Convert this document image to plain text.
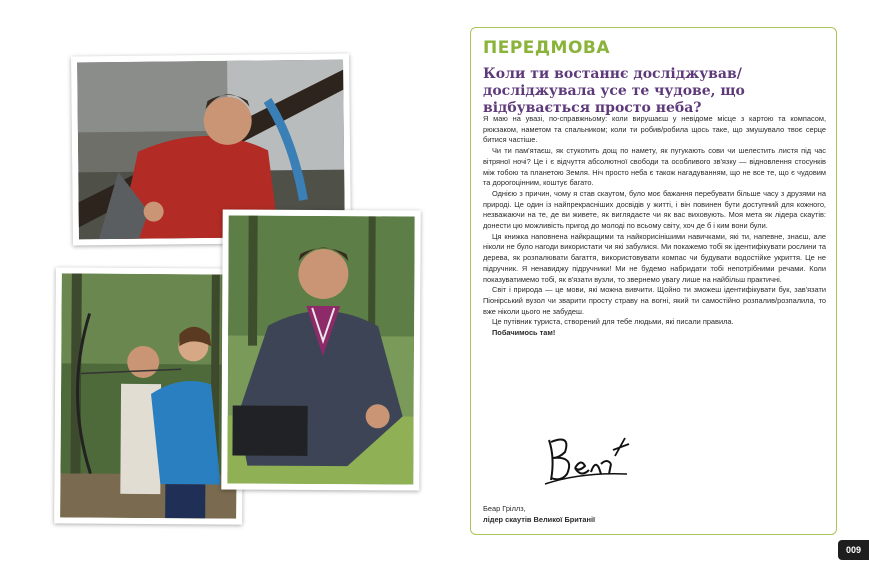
ПЕРЕДМОВА
Коли ти востаннє досліджував/досліджувала усе те чудове, що відбувається просто неба?

Я маю на увазі, по-справжньому: коли вирушаєш у невідоме місце з картою та компасом, рюкзаком, наметом та спальником; коли ти робив/робила щось таке, що змушувало твоє серце битися частіше.

Чи ти пам'ятаєш, як стукотить дощ по намету, як пугукають сови чи шелестить листя під час вітряної ночі? Це і є відчуття абсолютної свободи та особливого зв'язку — відновлення стосунків між тобою та планетою Земля. Ніч просто неба є також нагадуванням, що не все те, що є чудовим та дорогоцінним, коштує багато.

Однією з причин, чому я став скаутом, було моє бажання перебувати більше часу з друзями на природі. Це один із найпрекрасніших досвідів у житті, і він повинен бути доступний для кожного, незважаючи на те, де ви живете, як виглядаєте чи як вас виховують. Моя мета як лідера скаутів: донести цю можливість пригод до молоді по всьому світу, хоч де б і ким вони були.

Ця книжка наповнена найкращими та найкорисінішими навичками, які ти, напевне, знаєш, але ніколи не було нагоди використати чи які забулися. Ми покажемо тобі як ідентифікувати рослини та дерева, як розпалювати багаття, використовувати компас чи будувати водостійке укриття. Це не підручник. Я ненавиджу підручники! Ми не будемо набридати тобі непотрібними речами. Коли показуватимемо тобі, як в'язати вузли, то звернемо увагу лише на найбільш практичні.

Світ і природа — це мови, які можна вивчити. Щойно ти зможеш ідентифікувати бук, зав'язати Піонірський вузол чи зварити просту страву на вогні, який ти самостійно розпалив/розпалила, то вже ніколи цього не забудеш.

Це путівник туриста, створений для тебе людьми, які писали правила.

Побачимось там!

Беар Гріллз,
лідер скаутів Великої Британії
009
